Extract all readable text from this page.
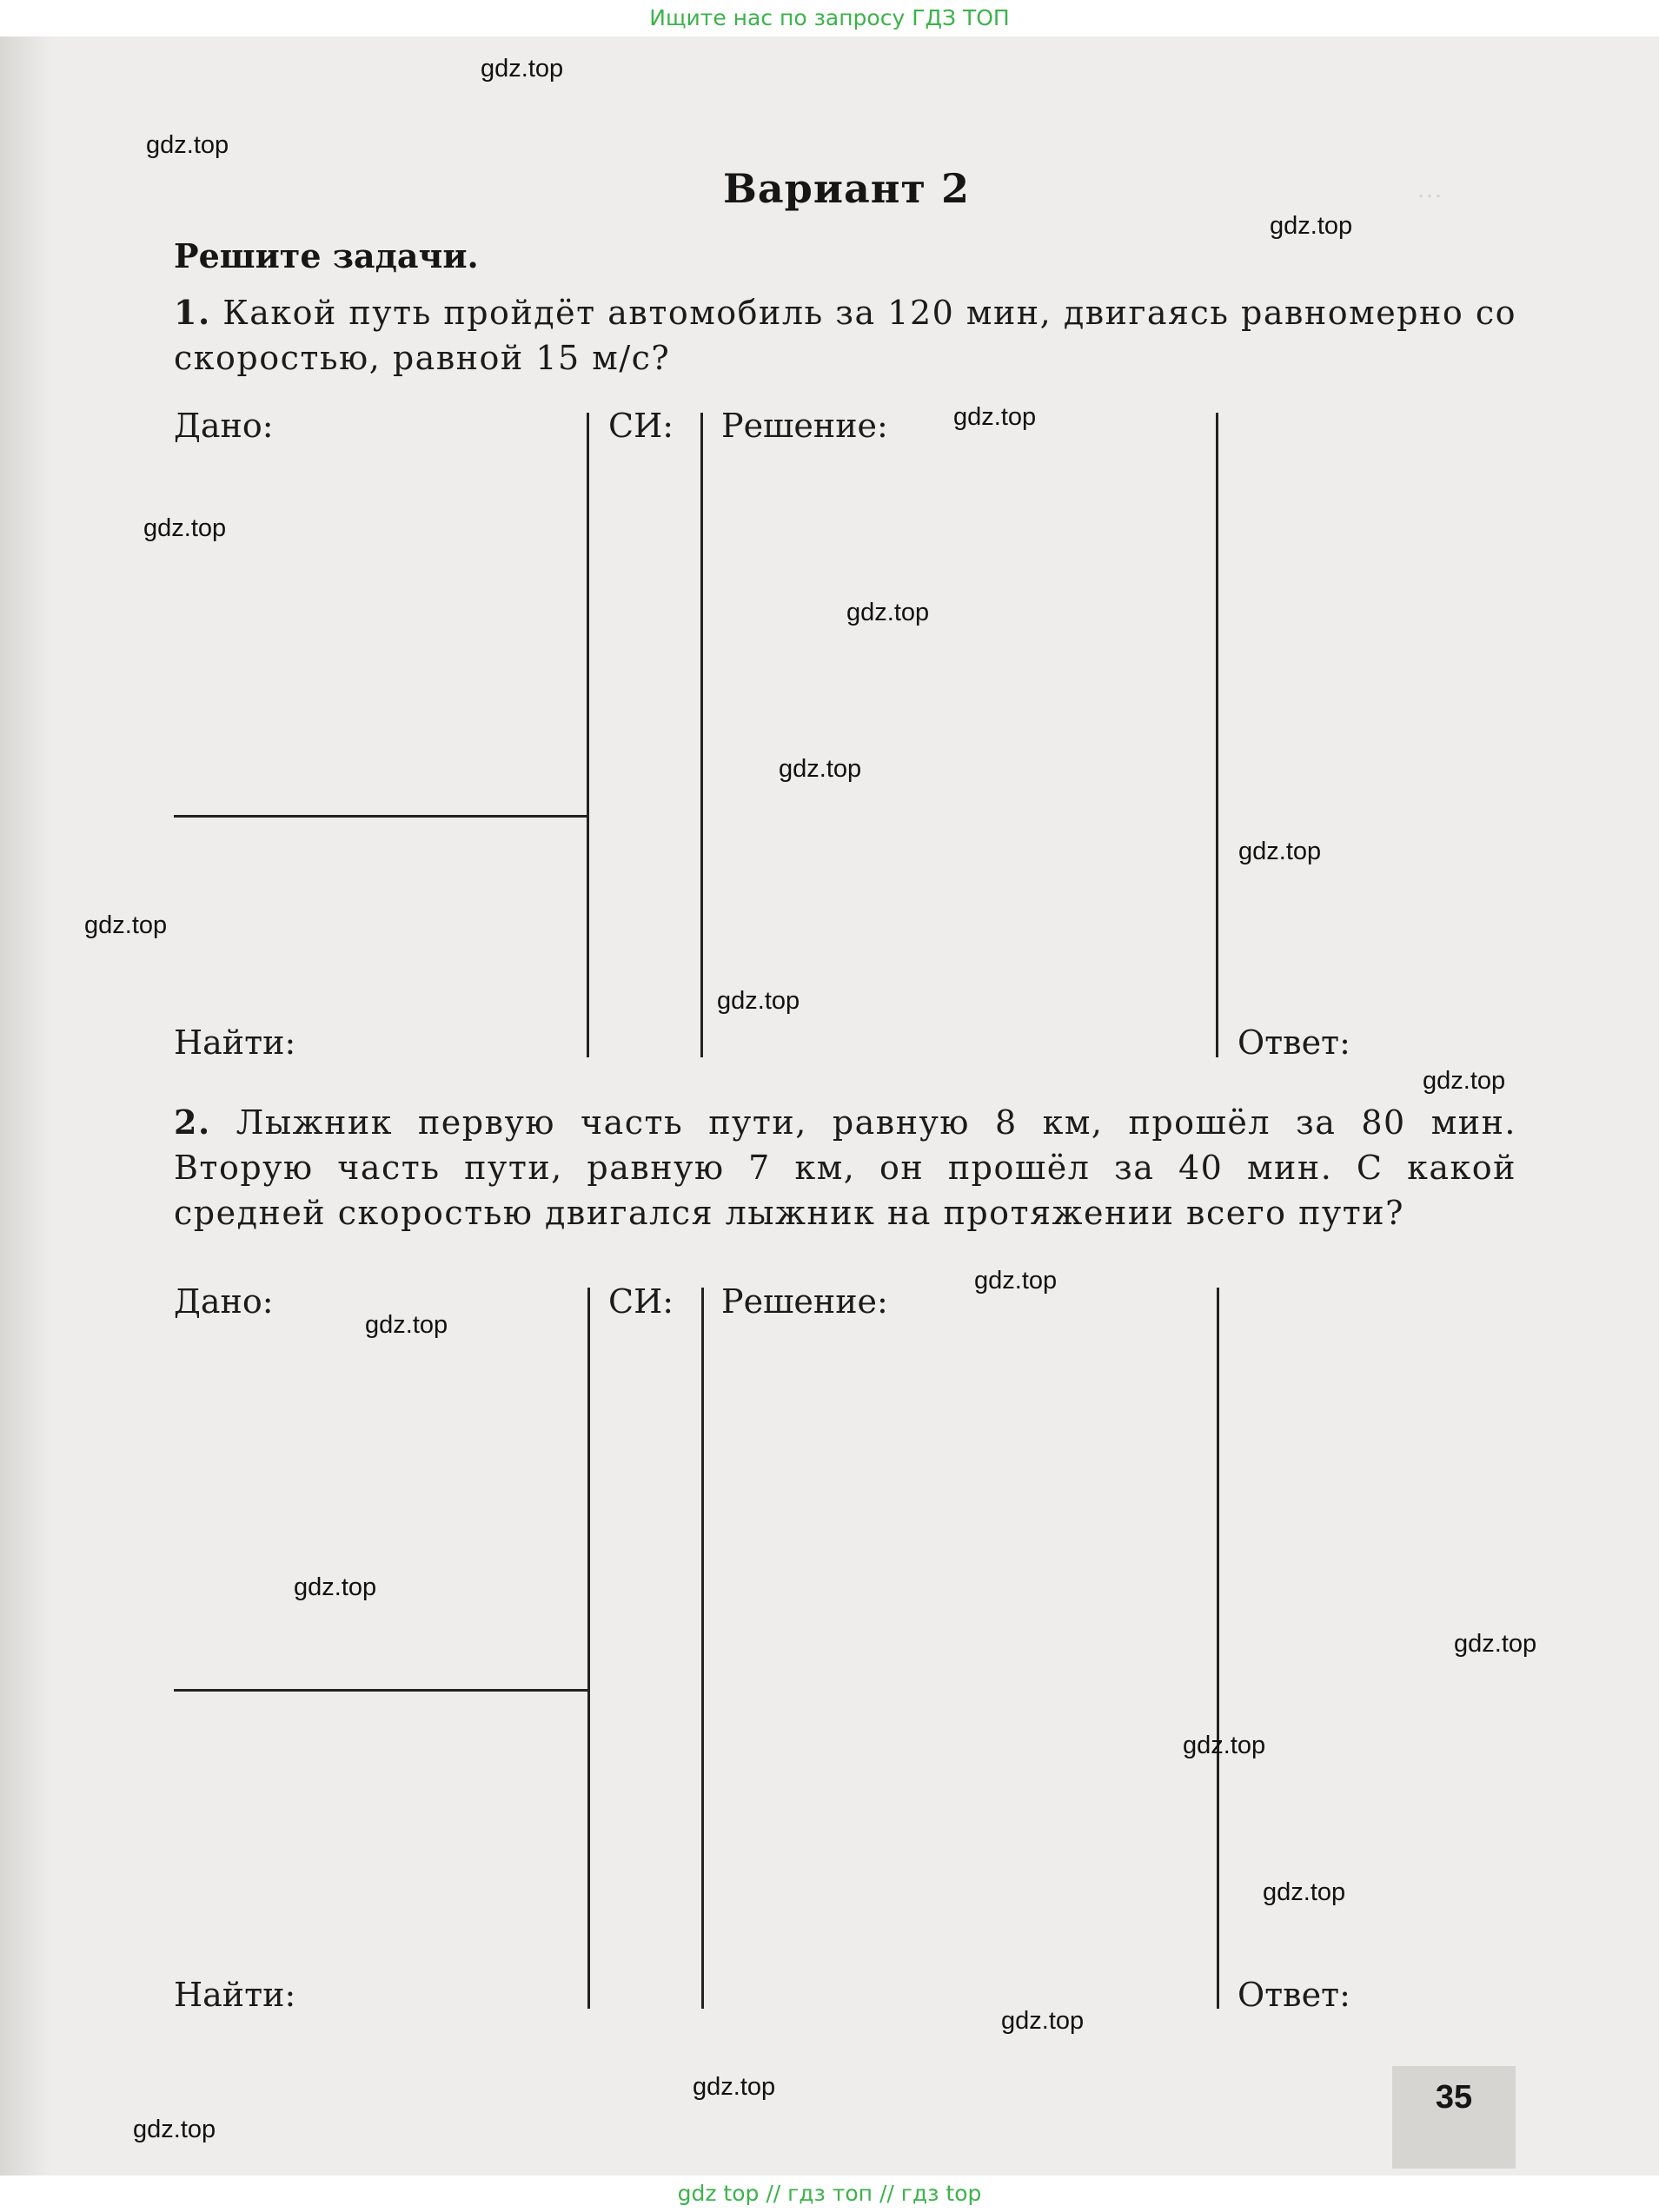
Ищите нас по запросу ГДЗ ТОП
…
Вариант 2
Решите задачи.
1. Какой путь пройдёт автомобиль за 120 мин, двигаясь равномерно со скоростью, равной 15 м/с?
Дано:	СИ: Решение:
Найти:	Ответ:
2. Лыжник первую часть пути, равную 8 км, прошёл за 80 мин. Вторую часть пути, равную 7 км, он прошёл за 40 мин. С какой средней скоростью двигался лыжник на протяжении всего пути?
Дано:	СИ: Решение:
Найти:	Ответ:
35
gdz.top
gdz.top
gdz.top
gdz.top
gdz.top
gdz.top
gdz.top
gdz.top
gdz.top
gdz.top
gdz.top
gdz.top
gdz.top
gdz.top
gdz.top
gdz.top
gdz.top
gdz.top
gdz.top
gdz.top
gdz top // гдз топ // гдз top
